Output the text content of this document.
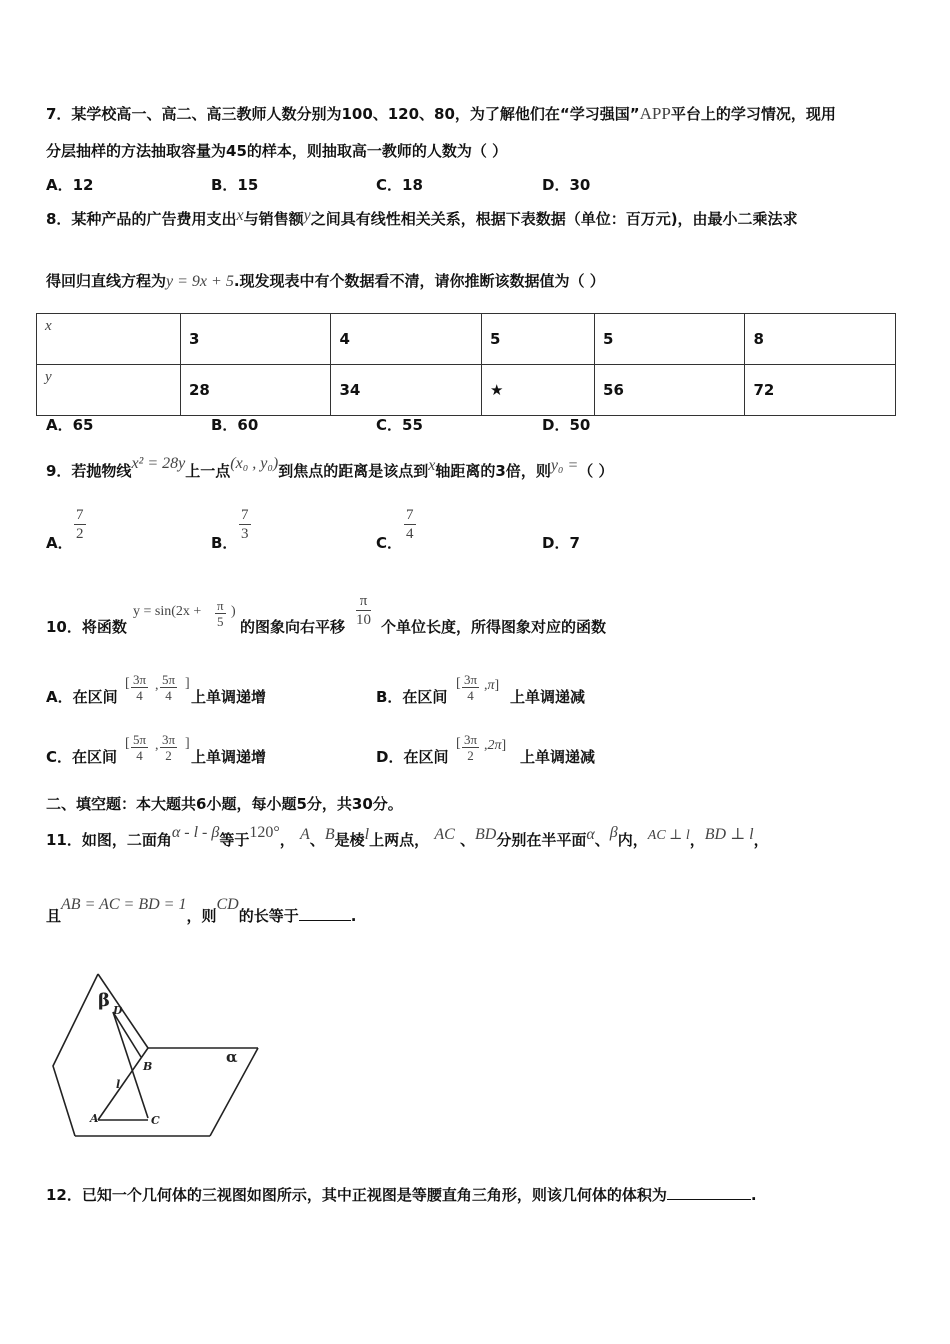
7．某学校高一、高二、高三教师人数分别为100、120、80，为了解他们在“学习强国”APP平台上的学习情况，现用
分层抽样的方法抽取容量为45的样本，则抽取高一教师的人数为（ ）
A．12	B．15	C．18	D．30
8．某种产品的广告费用支出x与销售额y之间具有线性相关关系，根据下表数据（单位：百万元)，由最小二乘法求
得回归直线方程为y = 9x + 5.现发现表中有个数据看不清，请你推断该数据值为（ ）
x	3	4	5	5	8
y	28	34	★	56	72
A．65	B．60	C．55	D．50
9．若抛物线x² = 28y上一点(x₀ , y₀)到焦点的距离是该点到x轴距离的3倍，则y₀ =（ ）
A． $\frac{7}{2}$	B． $\frac{7}{3}$	C． $\frac{7}{4}$	D．7
10．将函数
$y = \sin(2x + \frac{\pi}{5}$ )
的图象向右平移 $\frac{\pi}{10}$ 个单位长度，所得图象对应的函数
A．在区间
[ $\frac{3\pi}{4}$ , $\frac{5\pi}{4}$ ]
上单调递增	B．在区间
[ $\frac{3\pi}{4} ,\pi$]
上单调递减
C．在区间
[ $\frac{5\pi}{4}$ , $\frac{3\pi}{2}$ ]
上单调递增	D．在区间
[ $\frac{3\pi}{2} ,2\pi$]
上单调递减
二、填空题：本大题共6小题，每小题5分，共30分。
11．如图，二面角α - l - β等于120°， A、B是棱l上两点， AC 、BD分别在半平面α、β内，AC ⊥ l，BD ⊥ l，
且AB = AC = BD = 1，则CD的长等于	.
β D
B
α
l
A	C
12．已知一个几何体的三视图如图所示，其中正视图是等腰直角三角形，则该几何体的体积为	.
